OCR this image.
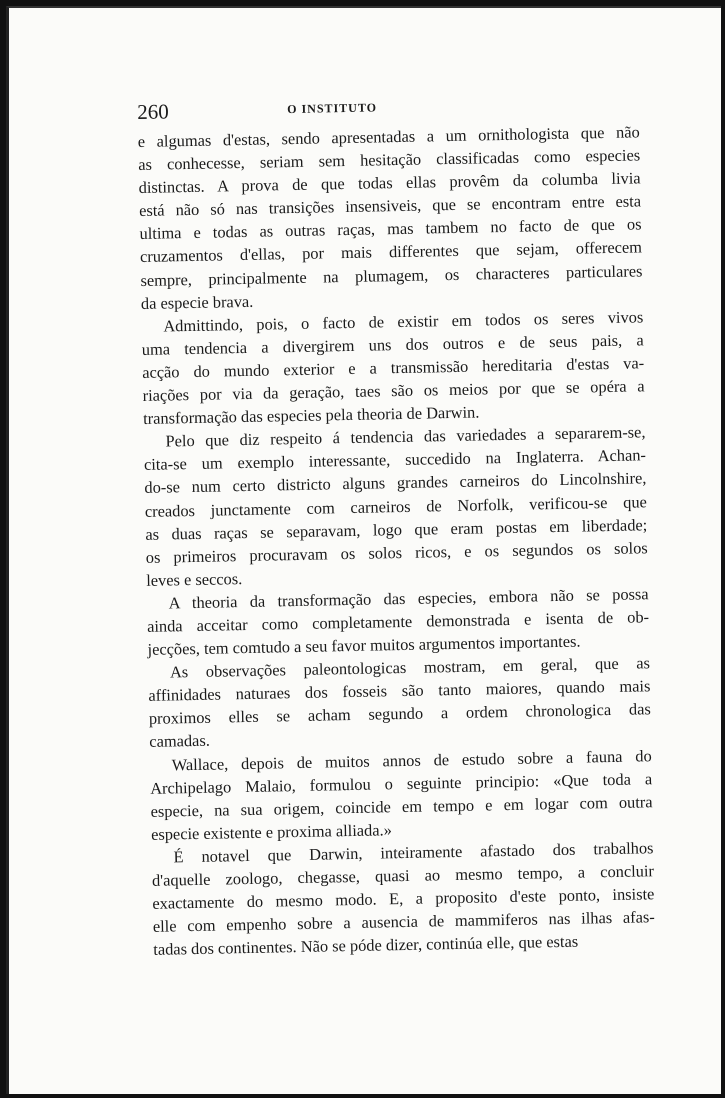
260	O INSTITUTO

e algumas d'estas, sendo apresentadas a um ornithologista que não

as conhecesse, seriam sem hesitação classificadas como especies

distinctas. A prova de que todas ellas provêm da columba livia

está não só nas transições insensiveis, que se encontram entre esta

ultima e todas as outras raças, mas tambem no facto de que os

cruzamentos d'ellas, por mais differentes que sejam, offerecem

sempre, principalmente na plumagem, os characteres particulares

da especie brava.

Admittindo, pois, o facto de existir em todos os seres vivos

uma tendencia a divergirem uns dos outros e de seus pais, a

acção do mundo exterior e a transmissão hereditaria d'estas va-

riações por via da geração, taes são os meios por que se opéra a

transformação das especies pela theoria de Darwin.

Pelo que diz respeito á tendencia das variedades a separarem-se,

cita-se um exemplo interessante, succedido na Inglaterra. Achan-

do-se num certo districto alguns grandes carneiros do Lincolnshire,

creados junctamente com carneiros de Norfolk, verificou-se que

as duas raças se separavam, logo que eram postas em liberdade;

os primeiros procuravam os solos ricos, e os segundos os solos

leves e seccos.

A theoria da transformação das especies, embora não se possa

ainda acceitar como completamente demonstrada e isenta de ob-

jecções, tem comtudo a seu favor muitos argumentos importantes.

As observações paleontologicas mostram, em geral, que as

affinidades naturaes dos fosseis são tanto maiores, quando mais

proximos elles se acham segundo a ordem chronologica das

camadas.

Wallace, depois de muitos annos de estudo sobre a fauna do

Archipelago Malaio, formulou o seguinte principio: «Que toda a

especie, na sua origem, coincide em tempo e em logar com outra

especie existente e proxima alliada.»

É notavel que Darwin, inteiramente afastado dos trabalhos

d'aquelle zoologo, chegasse, quasi ao mesmo tempo, a concluir

exactamente do mesmo modo. E, a proposito d'este ponto, insiste

elle com empenho sobre a ausencia de mammiferos nas ilhas afas-

tadas dos continentes. Não se póde dizer, continúa elle, que estas
